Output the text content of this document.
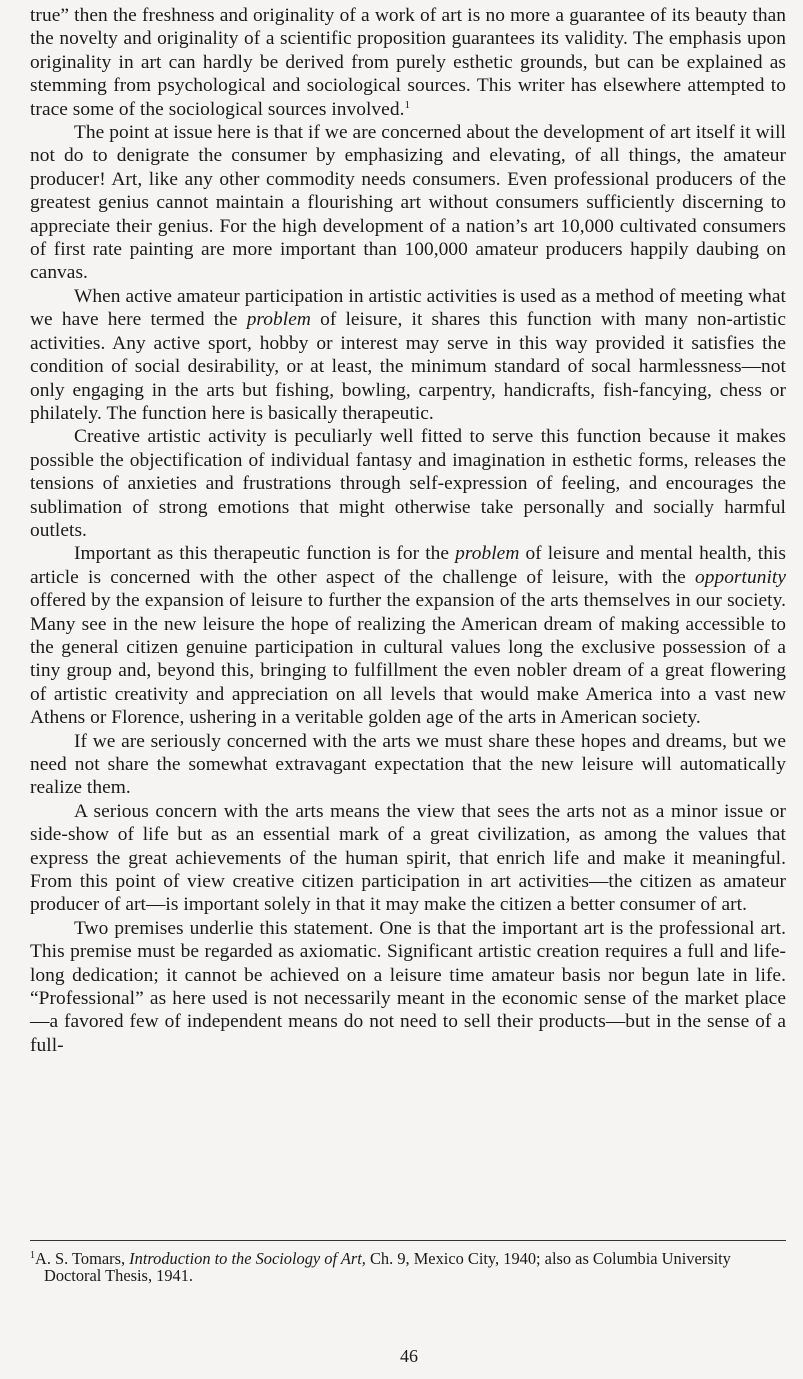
true” then the freshness and originality of a work of art is no more a guarantee of its beauty than the novelty and originality of a scientific proposition guarantees its validity. The emphasis upon originality in art can hardly be derived from purely esthetic grounds, but can be explained as stemming from psychological and sociological sources. This writer has elsewhere attempted to trace some of the sociological sources involved.$^1$

The point at issue here is that if we are concerned about the development of art itself it will not do to denigrate the consumer by emphasizing and elevating, of all things, the amateur producer! Art, like any other commodity needs consumers. Even professional producers of the greatest genius cannot maintain a flourishing art without consumers sufficiently discerning to appreciate their genius. For the high development of a nation’s art 10,000 cultivated consumers of first rate painting are more important than 100,000 amateur producers happily daubing on canvas.

When active amateur participation in artistic activities is used as a method of meeting what we have here termed the problem of leisure, it shares this function with many non-artistic activities. Any active sport, hobby or interest may serve in this way provided it satisfies the condition of social desirability, or at least, the minimum standard of socal harmlessness—not only engaging in the arts but fishing, bowling, carpentry, handicrafts, fish-fancying, chess or philately. The function here is basically therapeutic.

Creative artistic activity is peculiarly well fitted to serve this function because it makes possible the objectification of individual fantasy and imagination in esthetic forms, releases the tensions of anxieties and frustrations through self-expression of feeling, and encourages the sublimation of strong emotions that might otherwise take personally and socially harmful outlets.

Important as this therapeutic function is for the problem of leisure and mental health, this article is concerned with the other aspect of the challenge of leisure, with the opportunity offered by the expansion of leisure to further the expansion of the arts themselves in our society. Many see in the new leisure the hope of realizing the American dream of making accessible to the general citizen genuine participation in cultural values long the exclusive possession of a tiny group and, beyond this, bringing to fulfillment the even nobler dream of a great flowering of artistic creativity and appreciation on all levels that would make America into a vast new Athens or Florence, ushering in a veritable golden age of the arts in American society.

If we are seriously concerned with the arts we must share these hopes and dreams, but we need not share the somewhat extravagant expectation that the new leisure will automatically realize them.

A serious concern with the arts means the view that sees the arts not as a minor issue or side-show of life but as an essential mark of a great civilization, as among the values that express the great achievements of the human spirit, that enrich life and make it meaningful. From this point of view creative citizen participation in art activities—the citizen as amateur producer of art—is important solely in that it may make the citizen a better consumer of art.

Two premises underlie this statement. One is that the important art is the professional art. This premise must be regarded as axiomatic. Significant artistic creation requires a full and life-long dedication; it cannot be achieved on a leisure time amateur basis nor begun late in life. “Professional” as here used is not necessarily meant in the economic sense of the market place—a favored few of independent means do not need to sell their products—but in the sense of a full-

$^1$A. S. Tomars, Introduction to the Sociology of Art, Ch. 9, Mexico City, 1940; also as Columbia University Doctoral Thesis, 1941.
46
